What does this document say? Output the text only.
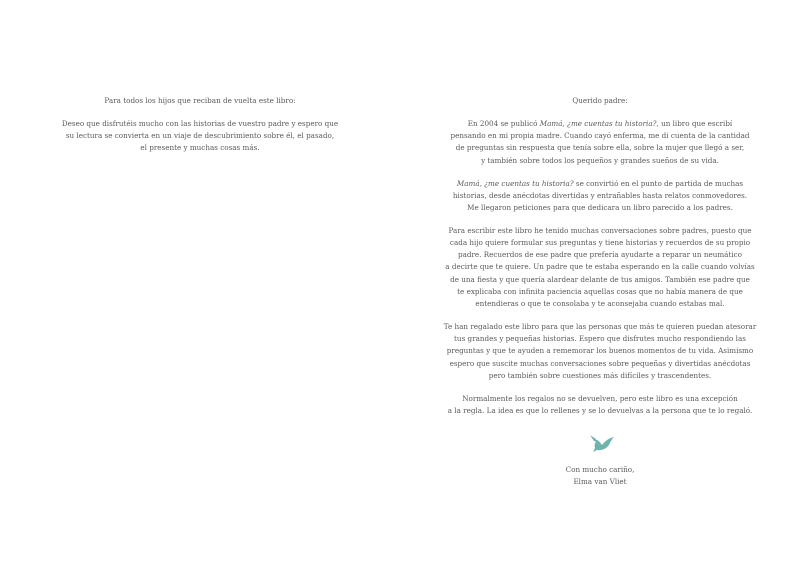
Para todos los hijos que reciban de vuelta este libro:
Deseo que disfrutéis mucho con las historias de vuestro padre y espero que
su lectura se convierta en un viaje de descubrimiento sobre él, el pasado,
el presente y muchas cosas más.
Querido padre:
En 2004 se publicó Mamá, ¿me cuentas tu historia?, un libro que escribí
pensando en mi propia madre. Cuando cayó enferma, me di cuenta de la cantidad
de preguntas sin respuesta que tenía sobre ella, sobre la mujer que llegó a ser,
y también sobre todos los pequeños y grandes sueños de su vida.
Mamá, ¿me cuentas tu historia? se convirtió en el punto de partida de muchas
historias, desde anécdotas divertidas y entrañables hasta relatos conmovedores.
Me llegaron peticiones para que dedicara un libro parecido a los padres.
Para escribir este libro he tenido muchas conversaciones sobre padres, puesto que
cada hijo quiere formular sus preguntas y tiene historias y recuerdos de su propio
padre. Recuerdos de ese padre que prefería ayudarte a reparar un neumático
a decirte que te quiere. Un padre que te estaba esperando en la calle cuando volvías
de una fiesta y que quería alardear delante de tus amigos. También ese padre que
te explicaba con infinita paciencia aquellas cosas que no había manera de que
entendieras o que te consolaba y te aconsejaba cuando estabas mal.
Te han regalado este libro para que las personas que más te quieren puedan atesorar
tus grandes y pequeñas historias. Espero que disfrutes mucho respondiendo las
preguntas y que te ayuden a rememorar los buenos momentos de tu vida. Asimismo
espero que suscite muchas conversaciones sobre pequeñas y divertidas anécdotas
pero también sobre cuestiones más difíciles y trascendentes.
Normalmente los regalos no se devuelven, pero este libro es una excepción
a la regla. La idea es que lo rellenes y se lo devuelvas a la persona que te lo regaló.
Con mucho cariño,
Elma van Vliet
